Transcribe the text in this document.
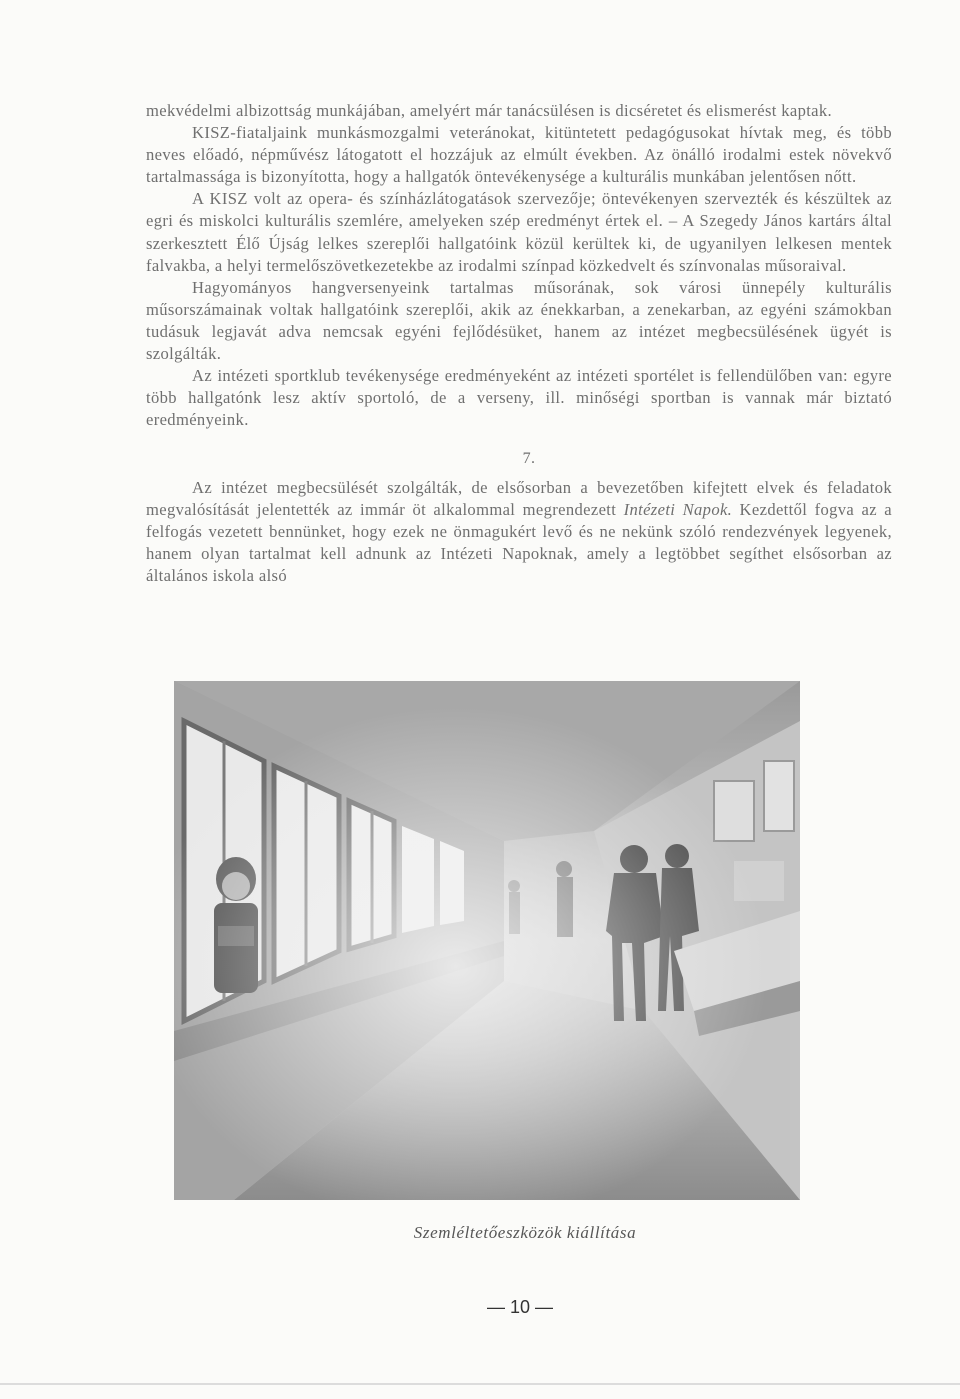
mekvédelmi albizottság munkájában, amelyért már tanácsülésen is dicséretet és elismerést kaptak.

KISZ-fiataljaink munkásmozgalmi veteránokat, kitüntetett pedagógusokat hívtak meg, és több neves előadó, népművész látogatott el hozzájuk az elmúlt években. Az önálló irodalmi estek növekvő tartalmassága is bizonyította, hogy a hallgatók öntevékenysége a kulturális munkában jelentősen nőtt.

A KISZ volt az opera- és színházlátogatások szervezője; öntevékenyen szervezték és készültek az egri és miskolci kulturális szemlére, amelyeken szép eredményt értek el. – A Szegedy János kartárs által szerkesztett Élő Újság lelkes szereplői hallgatóink közül kerültek ki, de ugyanilyen lelkesen mentek falvakba, a helyi termelőszövetkezetekbe az irodalmi színpad közkedvelt és színvonalas műsoraival.

Hagyományos hangversenyeink tartalmas műsorának, sok városi ünnepély kulturális műsorszámainak voltak hallgatóink szereplői, akik az énekkarban, a zenekarban, az egyéni számokban tudásuk legjavát adva nemcsak egyéni fejlődésüket, hanem az intézet megbecsülésének ügyét is szolgálták.

Az intézeti sportklub tevékenysége eredményeként az intézeti sportélet is fellendülőben van: egyre több hallgatónk lesz aktív sportoló, de a verseny, ill. minőségi sportban is vannak már biztató eredményeink.

7.

Az intézet megbecsülését szolgálták, de elsősorban a bevezetőben kifejtett elvek és feladatok megvalósítását jelentették az immár öt alkalommal megrendezett Intézeti Napok. Kezdettől fogva az a felfogás vezetett bennünket, hogy ezek ne önmagukért levő és ne nekünk szóló rendezvények legyenek, hanem olyan tartalmat kell adnunk az Intézeti Napoknak, amely a legtöbbet segíthet elsősorban az általános iskola alsó

Szemléltetőeszközök kiállítása
— 10 —
